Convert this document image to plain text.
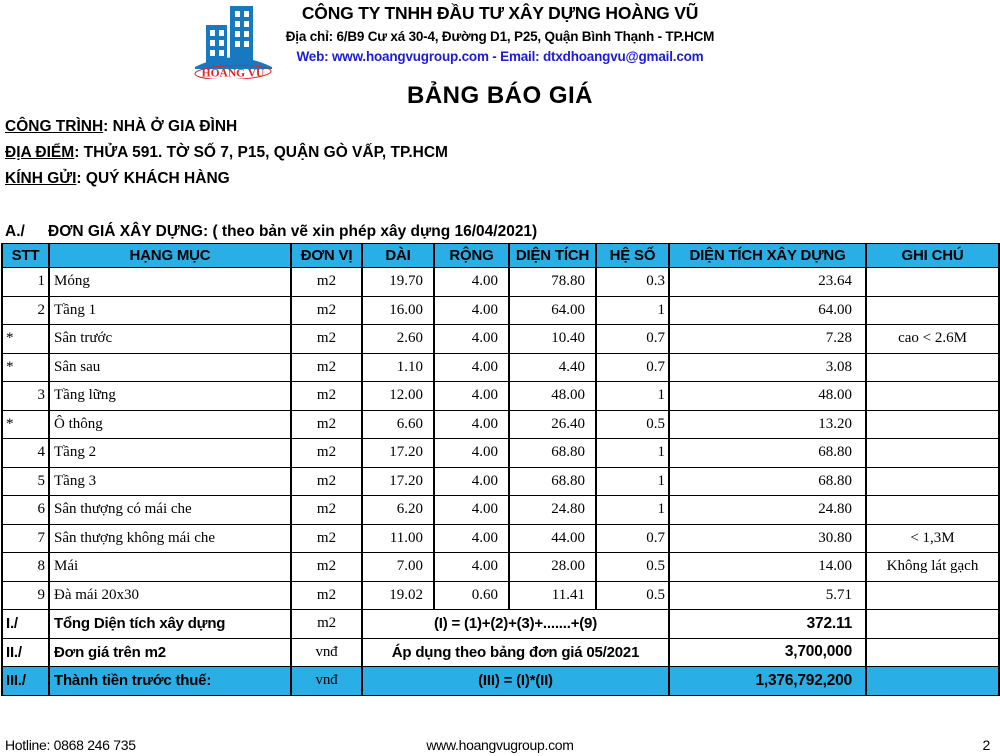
HOANG VU
CÔNG TY TNHH ĐẦU TƯ XÂY DỰNG HOÀNG VŨ
Địa chỉ: 6/B9 Cư xá 30-4, Đường D1, P25, Quận Bình Thạnh - TP.HCM
Web: www.hoangvugroup.com - Email: dtxdhoangvu@gmail.com
BẢNG BÁO GIÁ
CÔNG TRÌNH: NHÀ Ở GIA ĐÌNH
ĐỊA ĐIỂM: THỬA 591. TỜ SỐ 7, P15, QUẬN GÒ VẤP, TP.HCM
KÍNH GỬI: QUÝ KHÁCH HÀNG
A./ ĐƠN GIÁ XÂY DỰNG: ( theo bản vẽ xin phép xây dựng 16/04/2021)
STT	HẠNG MỤC	ĐƠN VỊ	DÀI	RỘNG	DIỆN TÍCH	HỆ SỐ	DIỆN TÍCH XÂY DỰNG	GHI CHÚ
1	Móng	m2	19.70	4.00	78.80	0.3	23.64	
2	Tầng 1	m2	16.00	4.00	64.00	1	64.00	
*	Sân trước	m2	2.60	4.00	10.40	0.7	7.28	cao < 2.6M
*	Sân sau	m2	1.10	4.00	4.40	0.7	3.08	
3	Tầng lững	m2	12.00	4.00	48.00	1	48.00	
*	Ô thông	m2	6.60	4.00	26.40	0.5	13.20	
4	Tầng 2	m2	17.20	4.00	68.80	1	68.80	
5	Tầng 3	m2	17.20	4.00	68.80	1	68.80	
6	Sân thượng có mái che	m2	6.20	4.00	24.80	1	24.80	
7	Sân thượng không mái che	m2	11.00	4.00	44.00	0.7	30.80	< 1,3M
8	Mái	m2	7.00	4.00	28.00	0.5	14.00	Không lát gạch
9	Đà mái 20x30	m2	19.02	0.60	11.41	0.5	5.71	
I./	Tổng Diện tích xây dựng	m2	(I) = (1)+(2)+(3)+.......+(9)				372.11	
II./	Đơn giá trên m2	vnđ	Áp dụng theo bảng đơn giá 05/2021				3,700,000	
III./	Thành tiền trước thuế:	vnđ	(III) = (I)*(II)				1,376,792,200	
Hotline: 0868 246 735	www.hoangvugroup.com	2
